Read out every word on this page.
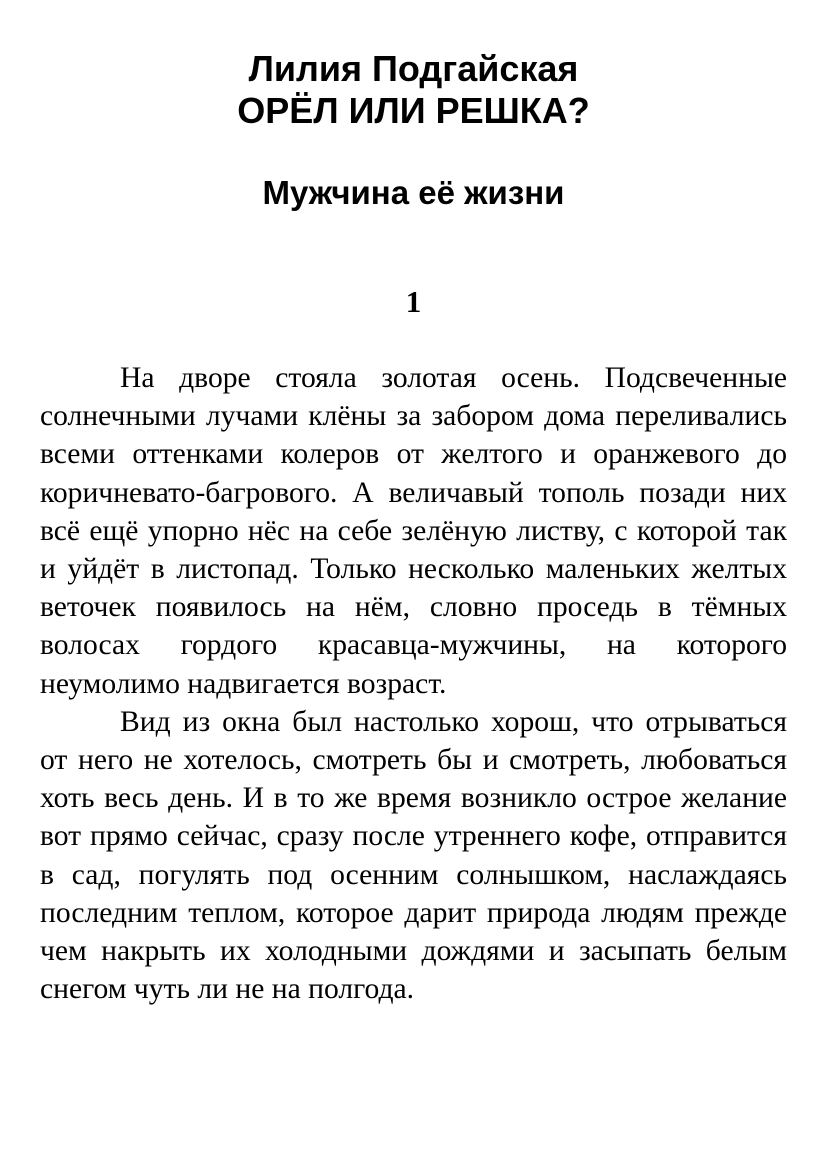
Лилия Подгайская
ОРЁЛ ИЛИ РЕШКА?
Мужчина её жизни
1

На дворе стояла золотая осень. Подсвеченные солнечными лучами клёны за забором дома переливались всеми оттенками колеров от желтого и оранжевого до коричневато-багрового. А величавый тополь позади них всё ещё упорно нёс на себе зелёную листву, с которой так и уйдёт в листопад. Только несколько маленьких желтых веточек появилось на нём, словно проседь в тёмных волосах гордого красавца-мужчины, на которого неумолимо надвигается возраст.

Вид из окна был настолько хорош, что отрываться от него не хотелось, смотреть бы и смотреть, любоваться хоть весь день. И в то же время возникло острое желание вот прямо сейчас, сразу после утреннего кофе, отправится в сад, погулять под осенним солнышком, наслаждаясь последним теплом, которое дарит природа людям прежде чем накрыть их холодными дождями и засыпать белым снегом чуть ли не на полгода.
